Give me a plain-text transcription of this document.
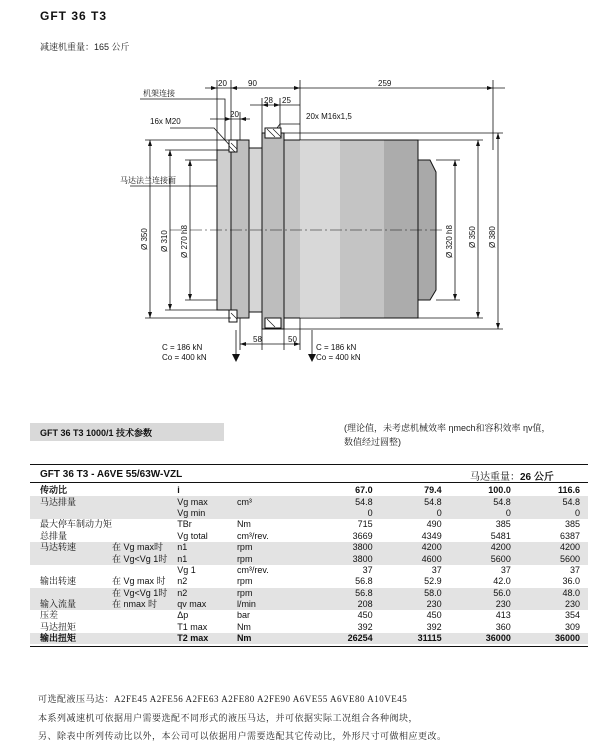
GFT 36 T3
减速机重量：165 公斤
20	90	259
28 25
20
机架连接
16x M20
20x M16x1,5
马达法兰连接面
58	50
C = 186 kN
Co = 400 kN
C = 186 kN
Co = 400 kN
Ø 350 Ø 310 Ø 270 h8	Ø 320 h8 Ø 350 Ø 380
GFT 36 T3 1000/1 技术参数	(理论值，未考虑机械效率 ηmech和容积效率 ηv值，
数值经过圆整)
GFT 36 T3 - A6VE 55/63W-VZL	马达重量：26 公斤
传动比		i		67.0	79.4	100.0	116.6
马达排量		Vg max	cm³	54.8	54.8	54.8	54.8
		Vg min		0	0	0	0
最大停车制动力矩		TBr	Nm	715	490	385	385
总排量		Vg total	cm³/rev.	3669	4349	5481	6387
马达转速	在 Vg max时	n1	rpm	3800	4200	4200	4200
	在 Vg<Vg 1时	n1	rpm	3800	4600	5600	5600
		Vg 1	cm³/rev.	37	37	37	37
输出转速	在 Vg max 时	n2	rpm	56.8	52.9	42.0	36.0
	在 Vg<Vg 1时	n2	rpm	56.8	58.0	56.0	48.0
输入流量	在 nmax 时	qv max	l/min	208	230	230	230
压差		Δp	bar	450	450	413	354
马达扭矩		T1 max	Nm	392	392	360	309
输出扭矩		T2 max	Nm	26254	31115	36000	36000
可选配液压马达：A2FE45 A2FE56 A2FE63 A2FE80 A2FE90 A6VE55 A6VE80 A10VE45
本系列减速机可依据用户需要选配不同形式的液压马达，并可依据实际工况组合各种阀块，
另、除表中所列传动比以外，本公司可以依据用户需要选配其它传动比，外形尺寸可做相应更改。
